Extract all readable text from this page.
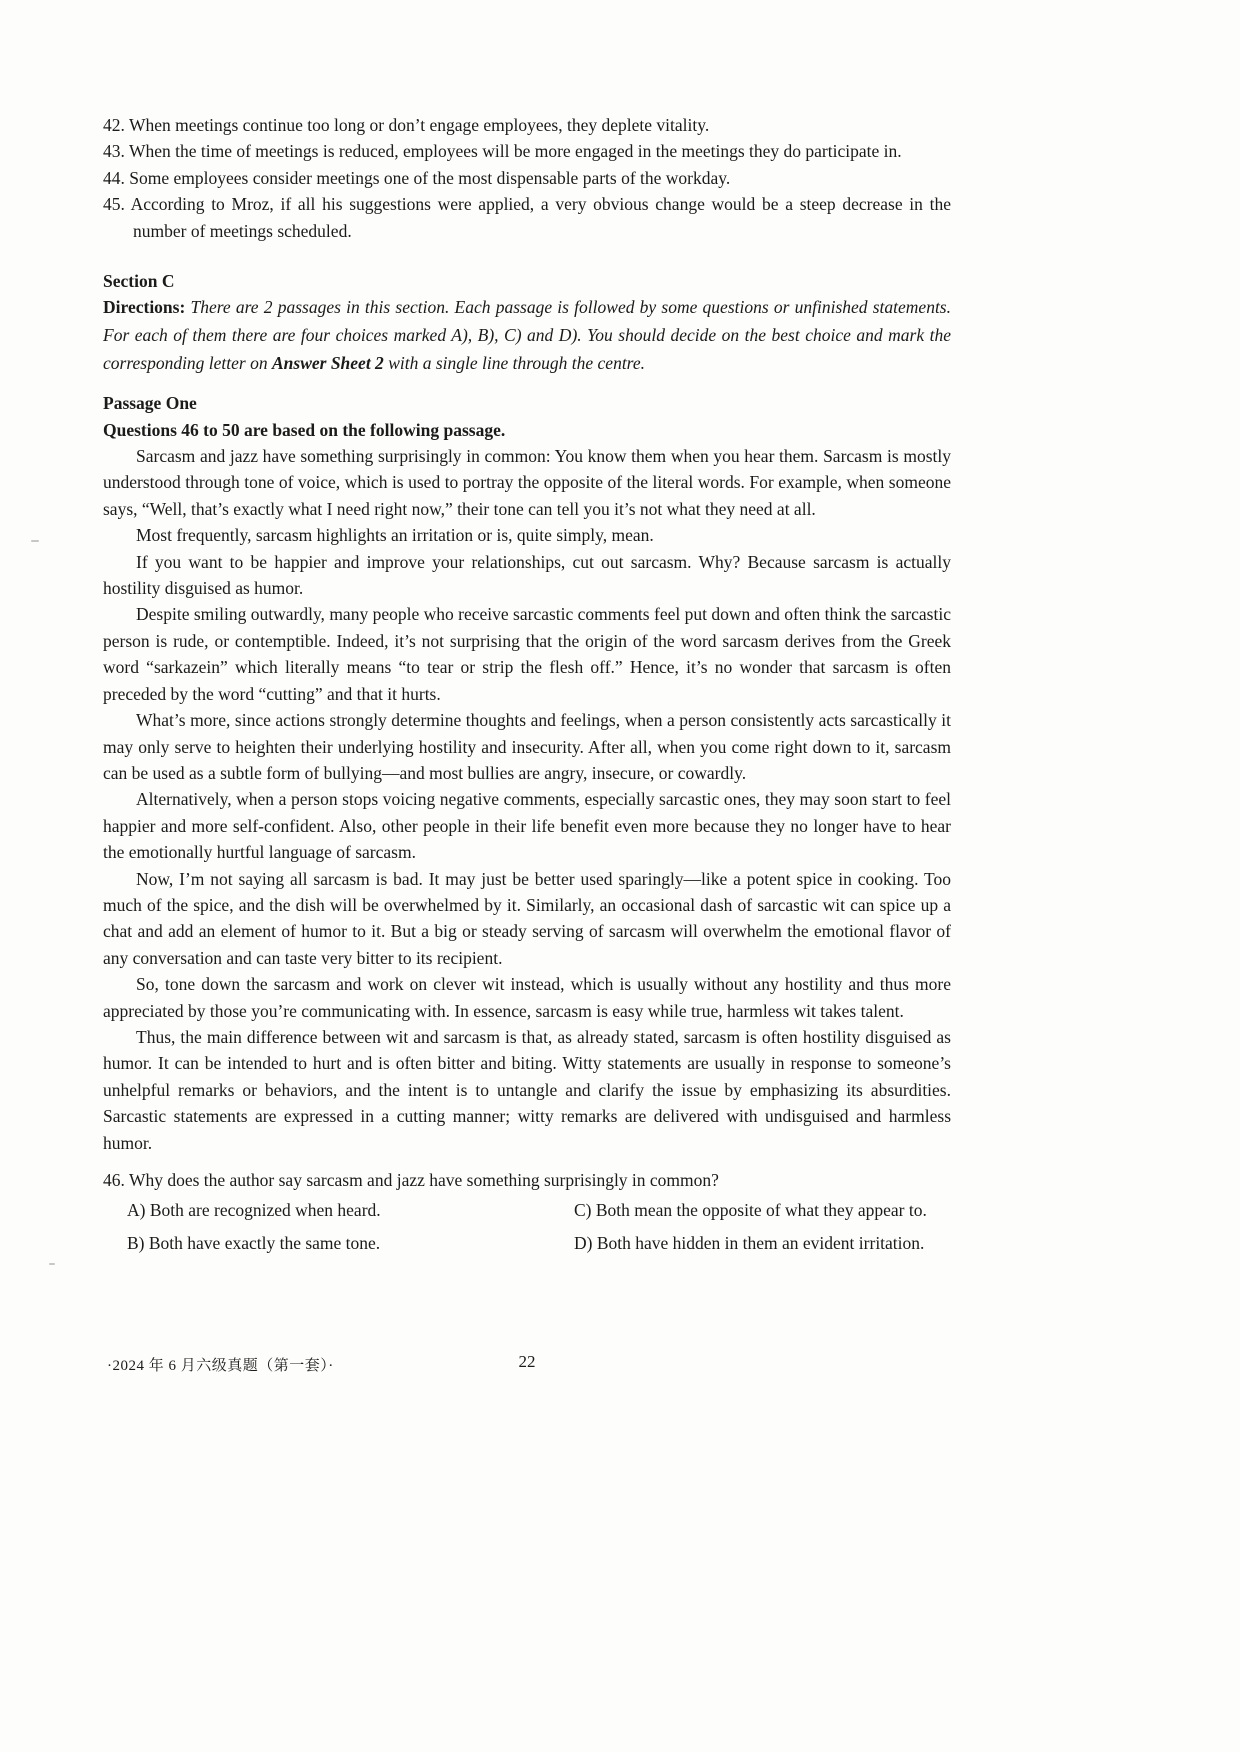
42. When meetings continue too long or don’t engage employees, they deplete vitality.

43. When the time of meetings is reduced, employees will be more engaged in the meetings they do participate in.

44. Some employees consider meetings one of the most dispensable parts of the workday.

45. According to Mroz, if all his suggestions were applied, a very obvious change would be a steep decrease in the number of meetings scheduled.

Section C

Directions: There are 2 passages in this section. Each passage is followed by some questions or unfinished statements. For each of them there are four choices marked A), B), C) and D). You should decide on the best choice and mark the corresponding letter on Answer Sheet 2 with a single line through the centre.

Passage One

Questions 46 to 50 are based on the following passage.

Sarcasm and jazz have something surprisingly in common: You know them when you hear them. Sarcasm is mostly understood through tone of voice, which is used to portray the opposite of the literal words. For example, when someone says, “Well, that’s exactly what I need right now,” their tone can tell you it’s not what they need at all.

Most frequently, sarcasm highlights an irritation or is, quite simply, mean.

If you want to be happier and improve your relationships, cut out sarcasm. Why? Because sarcasm is actually hostility disguised as humor.

Despite smiling outwardly, many people who receive sarcastic comments feel put down and often think the sarcastic person is rude, or contemptible. Indeed, it’s not surprising that the origin of the word sarcasm derives from the Greek word “sarkazein” which literally means “to tear or strip the flesh off.” Hence, it’s no wonder that sarcasm is often preceded by the word “cutting” and that it hurts.

What’s more, since actions strongly determine thoughts and feelings, when a person consistently acts sarcastically it may only serve to heighten their underlying hostility and insecurity. After all, when you come right down to it, sarcasm can be used as a subtle form of bullying—and most bullies are angry, insecure, or cowardly.

Alternatively, when a person stops voicing negative comments, especially sarcastic ones, they may soon start to feel happier and more self-confident. Also, other people in their life benefit even more because they no longer have to hear the emotionally hurtful language of sarcasm.

Now, I’m not saying all sarcasm is bad. It may just be better used sparingly—like a potent spice in cooking. Too much of the spice, and the dish will be overwhelmed by it. Similarly, an occasional dash of sarcastic wit can spice up a chat and add an element of humor to it. But a big or steady serving of sarcasm will overwhelm the emotional flavor of any conversation and can taste very bitter to its recipient.

So, tone down the sarcasm and work on clever wit instead, which is usually without any hostility and thus more appreciated by those you’re communicating with. In essence, sarcasm is easy while true, harmless wit takes talent.

Thus, the main difference between wit and sarcasm is that, as already stated, sarcasm is often hostility disguised as humor. It can be intended to hurt and is often bitter and biting. Witty statements are usually in response to someone’s unhelpful remarks or behaviors, and the intent is to untangle and clarify the issue by emphasizing its absurdities. Sarcastic statements are expressed in a cutting manner; witty remarks are delivered with undisguised and harmless humor.

46. Why does the author say sarcasm and jazz have something surprisingly in common?

A) Both are recognized when heard.	C) Both mean the opposite of what they appear to.
B) Both have exactly the same tone.	D) Both have hidden in them an evident irritation.
·2024 年 6 月六级真题（第一套）·	22
